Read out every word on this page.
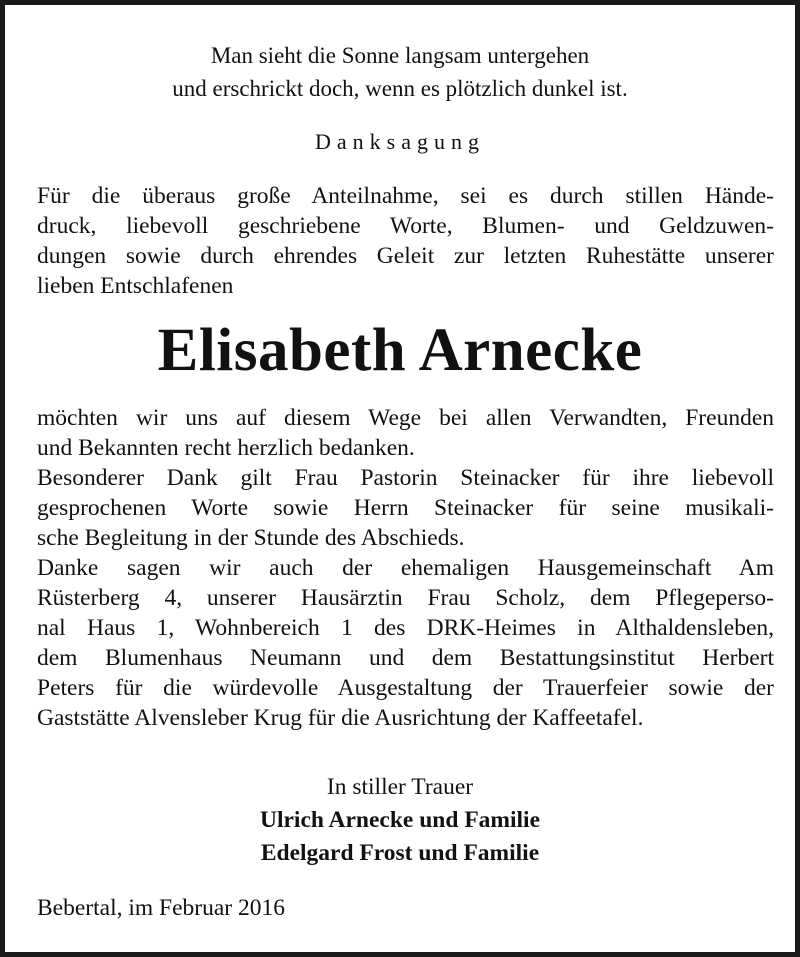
Man sieht die Sonne langsam untergehen
und erschrickt doch, wenn es plötzlich dunkel ist.
Danksagung
Für die überaus große Anteilnahme, sei es durch stillen Hände-
druck, liebevoll geschriebene Worte, Blumen- und Geldzuwen-
dungen sowie durch ehrendes Geleit zur letzten Ruhestätte unserer
lieben Entschlafenen
Elisabeth Arnecke
möchten wir uns auf diesem Wege bei allen Verwandten, Freunden
und Bekannten recht herzlich bedanken.
Besonderer Dank gilt Frau Pastorin Steinacker für ihre liebevoll
gesprochenen Worte sowie Herrn Steinacker für seine musikali-
sche Begleitung in der Stunde des Abschieds.
Danke sagen wir auch der ehemaligen Hausgemeinschaft Am
Rüsterberg 4, unserer Hausärztin Frau Scholz, dem Pflegeperso-
nal Haus 1, Wohnbereich 1 des DRK-Heimes in Althaldensleben,
dem Blumenhaus Neumann und dem Bestattungsinstitut Herbert
Peters für die würdevolle Ausgestaltung der Trauerfeier sowie der
Gaststätte Alvensleber Krug für die Ausrichtung der Kaffeetafel.
In stiller Trauer
Ulrich Arnecke und Familie
Edelgard Frost und Familie
Bebertal, im Februar 2016
